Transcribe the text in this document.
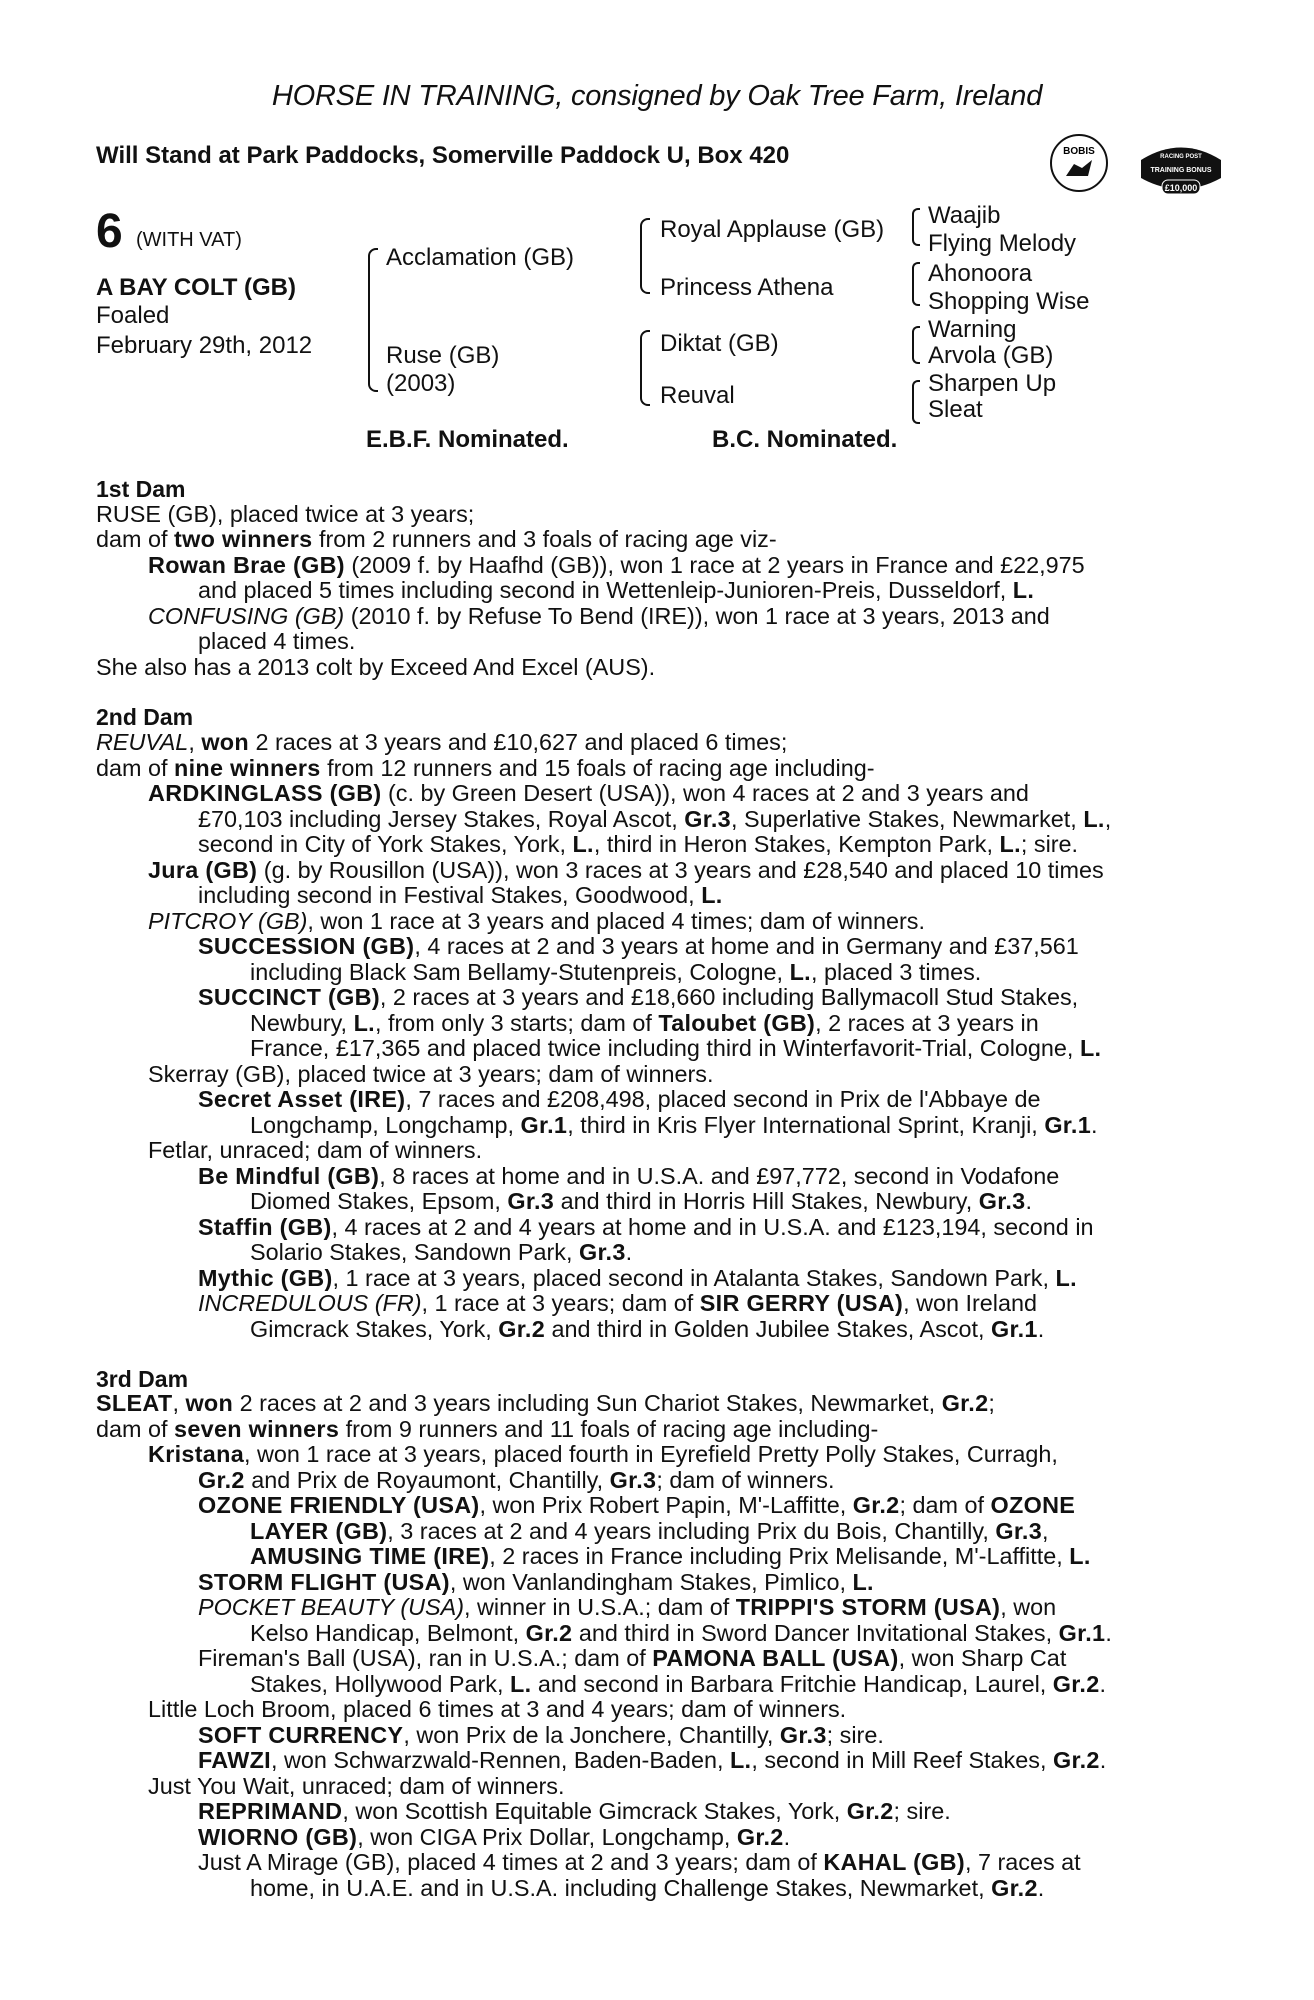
HORSE IN TRAINING, consigned by Oak Tree Farm, Ireland
Will Stand at Park Paddocks, Somerville Paddock U, Box 420	BOBIS	RACING POST
TRAINING BONUS
£10,000
6 (WITH VAT)
A BAY COLT (GB)
Foaled
February 29th, 2012
Acclamation (GB)
Ruse (GB)
(2003)
Royal Applause (GB)
Princess Athena
Diktat (GB)
Reuval
Waajib
Flying Melody
Ahonoora
Shopping Wise
Warning
Arvola (GB)
Sharpen Up
Sleat
E.B.F. Nominated.	B.C. Nominated.
1st Dam
RUSE (GB), placed twice at 3 years;
dam of two winners from 2 runners and 3 foals of racing age viz-
Rowan Brae (GB) (2009 f. by Haafhd (GB)), won 1 race at 2 years in France and £22,975
and placed 5 times including second in Wettenleip-Junioren-Preis, Dusseldorf, L.
CONFUSING (GB) (2010 f. by Refuse To Bend (IRE)), won 1 race at 3 years, 2013 and
placed 4 times.
She also has a 2013 colt by Exceed And Excel (AUS).
2nd Dam
REUVAL, won 2 races at 3 years and £10,627 and placed 6 times;
dam of nine winners from 12 runners and 15 foals of racing age including-
ARDKINGLASS (GB) (c. by Green Desert (USA)), won 4 races at 2 and 3 years and
£70,103 including Jersey Stakes, Royal Ascot, Gr.3, Superlative Stakes, Newmarket, L.,
second in City of York Stakes, York, L., third in Heron Stakes, Kempton Park, L.; sire.
Jura (GB) (g. by Rousillon (USA)), won 3 races at 3 years and £28,540 and placed 10 times
including second in Festival Stakes, Goodwood, L.
PITCROY (GB), won 1 race at 3 years and placed 4 times; dam of winners.
SUCCESSION (GB), 4 races at 2 and 3 years at home and in Germany and £37,561
including Black Sam Bellamy-Stutenpreis, Cologne, L., placed 3 times.
SUCCINCT (GB), 2 races at 3 years and £18,660 including Ballymacoll Stud Stakes,
Newbury, L., from only 3 starts; dam of Taloubet (GB), 2 races at 3 years in
France, £17,365 and placed twice including third in Winterfavorit-Trial, Cologne, L.
Skerray (GB), placed twice at 3 years; dam of winners.
Secret Asset (IRE), 7 races and £208,498, placed second in Prix de l'Abbaye de
Longchamp, Longchamp, Gr.1, third in Kris Flyer International Sprint, Kranji, Gr.1.
Fetlar, unraced; dam of winners.
Be Mindful (GB), 8 races at home and in U.S.A. and £97,772, second in Vodafone
Diomed Stakes, Epsom, Gr.3 and third in Horris Hill Stakes, Newbury, Gr.3.
Staffin (GB), 4 races at 2 and 4 years at home and in U.S.A. and £123,194, second in
Solario Stakes, Sandown Park, Gr.3.
Mythic (GB), 1 race at 3 years, placed second in Atalanta Stakes, Sandown Park, L.
INCREDULOUS (FR), 1 race at 3 years; dam of SIR GERRY (USA), won Ireland
Gimcrack Stakes, York, Gr.2 and third in Golden Jubilee Stakes, Ascot, Gr.1.
3rd Dam
SLEAT, won 2 races at 2 and 3 years including Sun Chariot Stakes, Newmarket, Gr.2;
dam of seven winners from 9 runners and 11 foals of racing age including-
Kristana, won 1 race at 3 years, placed fourth in Eyrefield Pretty Polly Stakes, Curragh,
Gr.2 and Prix de Royaumont, Chantilly, Gr.3; dam of winners.
OZONE FRIENDLY (USA), won Prix Robert Papin, M'-Laffitte, Gr.2; dam of OZONE
LAYER (GB), 3 races at 2 and 4 years including Prix du Bois, Chantilly, Gr.3,
AMUSING TIME (IRE), 2 races in France including Prix Melisande, M'-Laffitte, L.
STORM FLIGHT (USA), won Vanlandingham Stakes, Pimlico, L.
POCKET BEAUTY (USA), winner in U.S.A.; dam of TRIPPI'S STORM (USA), won
Kelso Handicap, Belmont, Gr.2 and third in Sword Dancer Invitational Stakes, Gr.1.
Fireman's Ball (USA), ran in U.S.A.; dam of PAMONA BALL (USA), won Sharp Cat
Stakes, Hollywood Park, L. and second in Barbara Fritchie Handicap, Laurel, Gr.2.
Little Loch Broom, placed 6 times at 3 and 4 years; dam of winners.
SOFT CURRENCY, won Prix de la Jonchere, Chantilly, Gr.3; sire.
FAWZI, won Schwarzwald-Rennen, Baden-Baden, L., second in Mill Reef Stakes, Gr.2.
Just You Wait, unraced; dam of winners.
REPRIMAND, won Scottish Equitable Gimcrack Stakes, York, Gr.2; sire.
WIORNO (GB), won CIGA Prix Dollar, Longchamp, Gr.2.
Just A Mirage (GB), placed 4 times at 2 and 3 years; dam of KAHAL (GB), 7 races at
home, in U.A.E. and in U.S.A. including Challenge Stakes, Newmarket, Gr.2.
